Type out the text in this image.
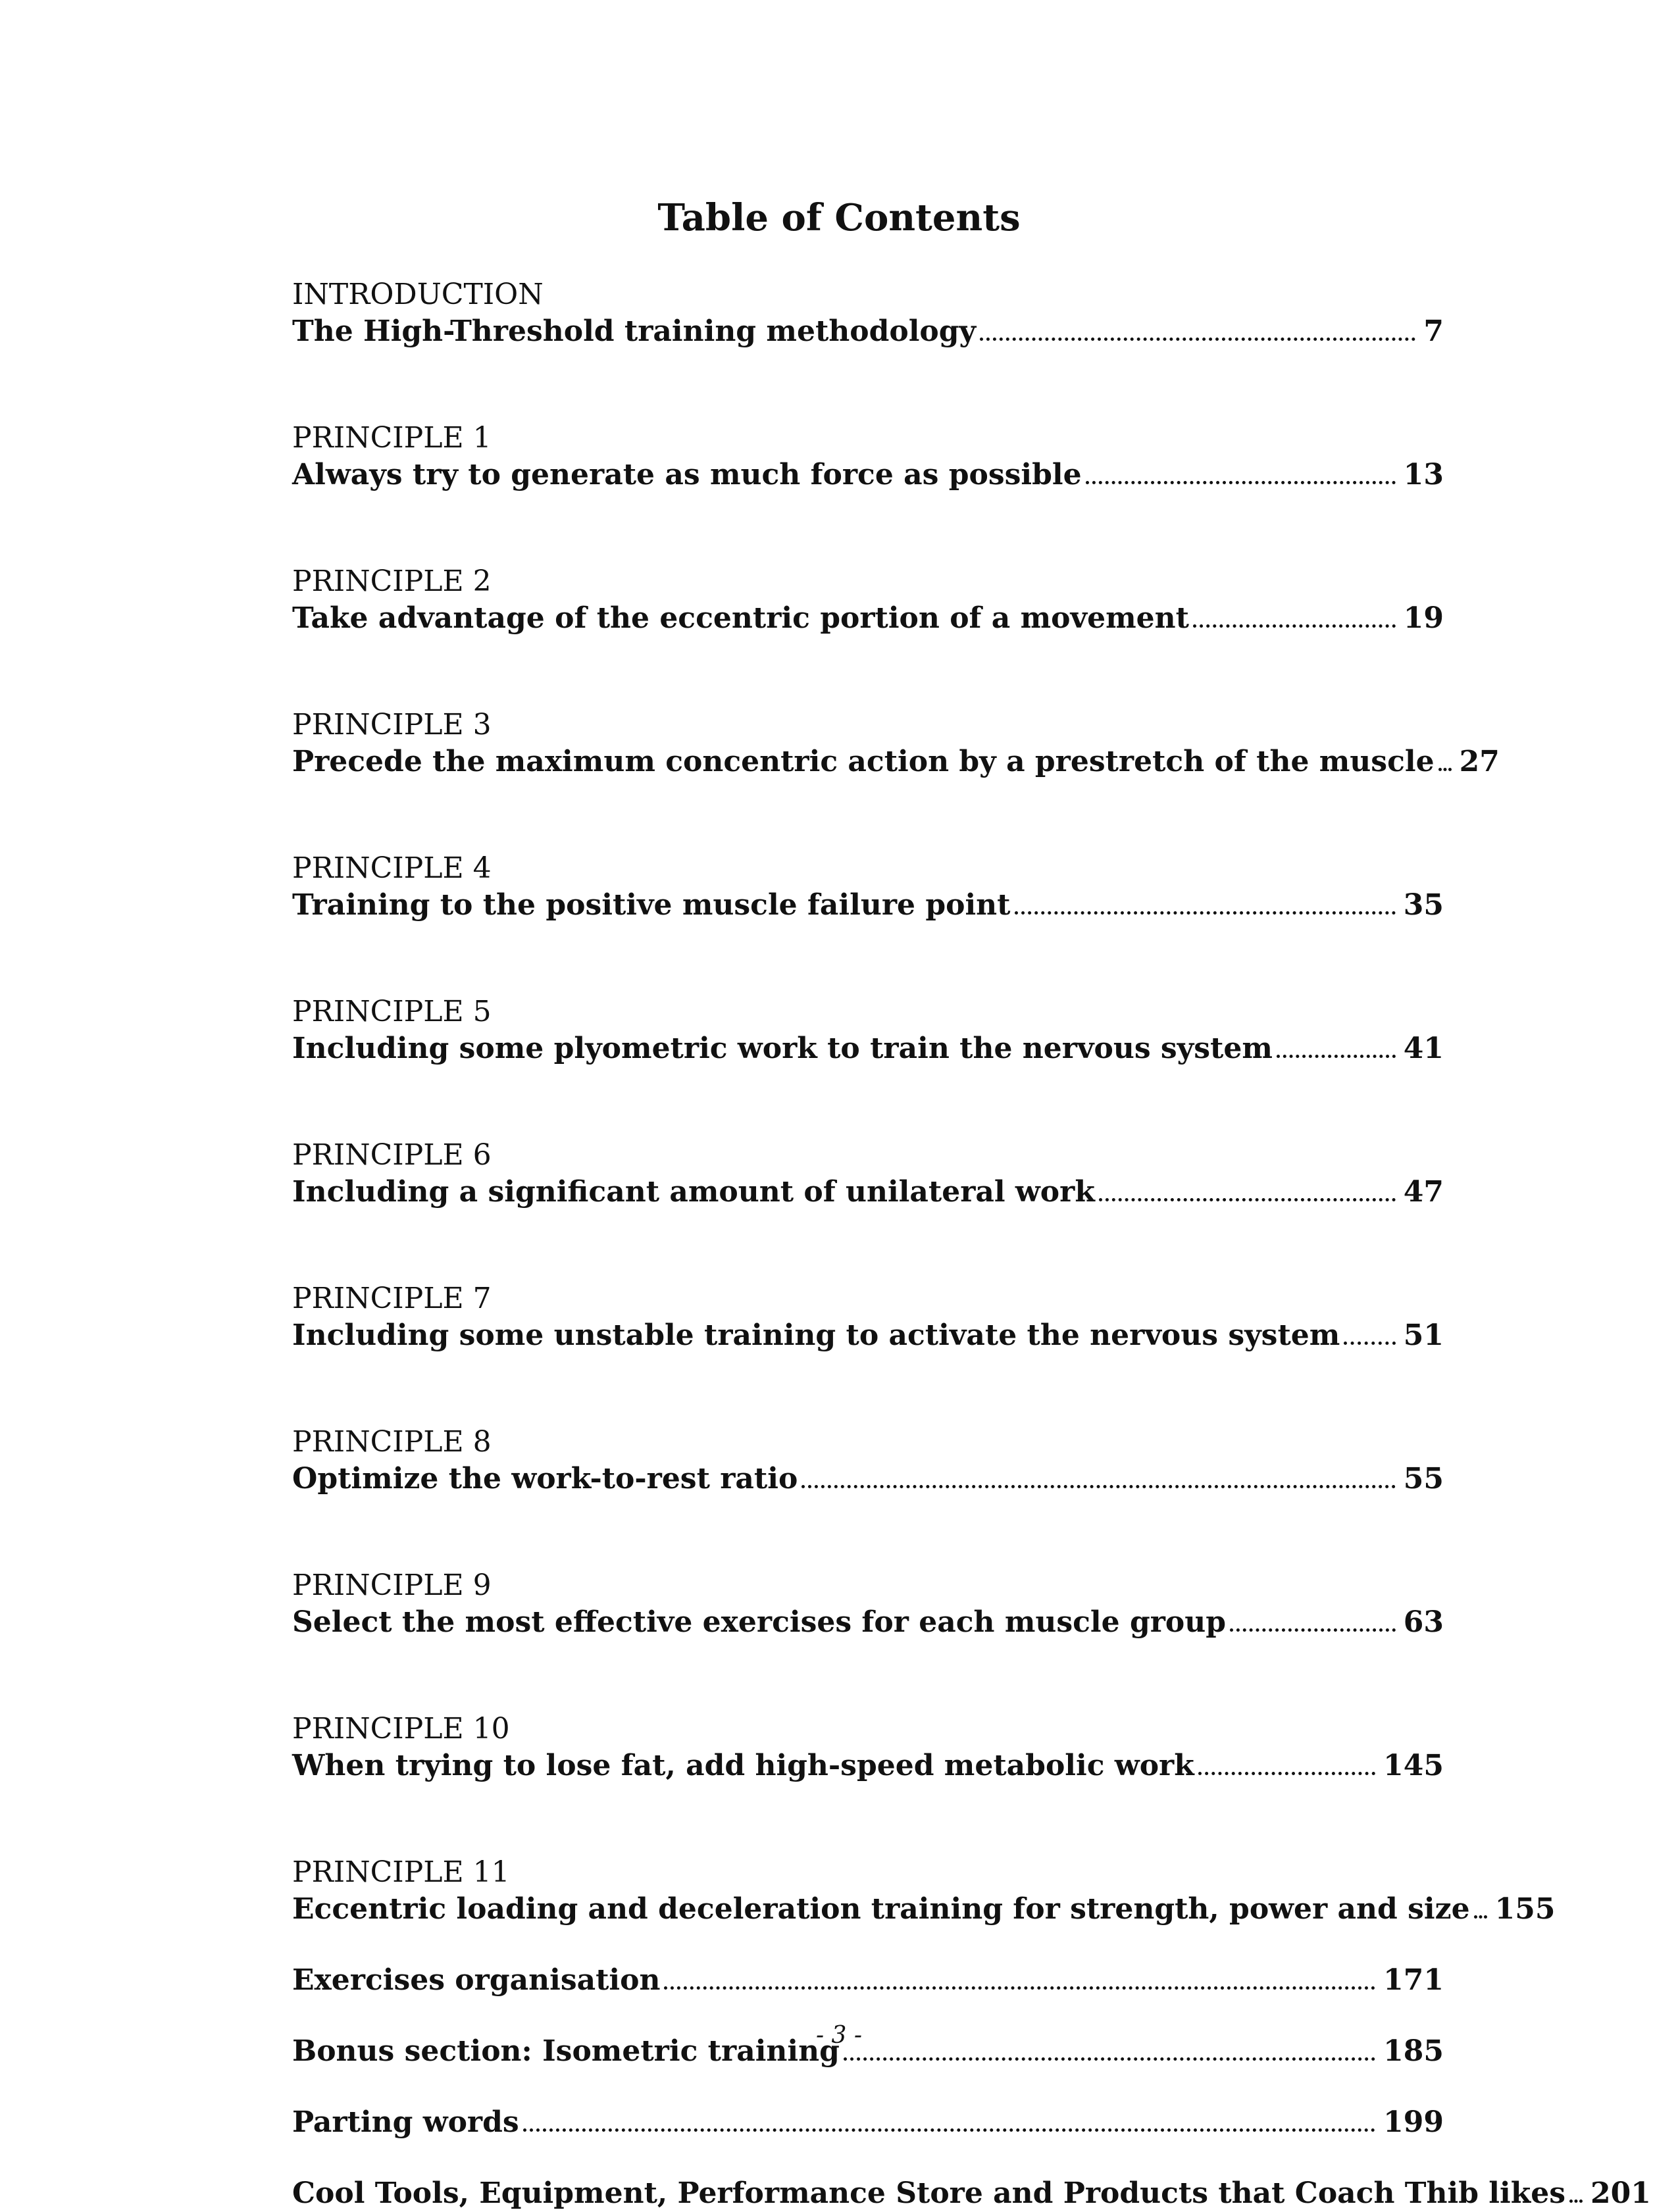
Table of Contents
INTRODUCTION
The High-Threshold training methodology	7
PRINCIPLE 1
Always try to generate as much force as possible	13
PRINCIPLE 2
Take advantage of the eccentric portion of a movement	19
PRINCIPLE 3
Precede the maximum concentric action by a prestretch of the muscle 27
PRINCIPLE 4
Training to the positive muscle failure point	35
PRINCIPLE 5
Including some plyometric work to train the nervous system	41
PRINCIPLE 6
Including a significant amount of unilateral work	47
PRINCIPLE 7
Including some unstable training to activate the nervous system 51
PRINCIPLE 8
Optimize the work-to-rest ratio	55
PRINCIPLE 9
Select the most effective exercises for each muscle group	63
PRINCIPLE 10
When trying to lose fat, add high-speed metabolic work	145
PRINCIPLE 11
Eccentric loading and deceleration training for strength, power and size 155
Exercises organisation	171
Bonus section: Isometric training	185
Parting words	199
Cool Tools, Equipment, Performance Store and Products that Coach Thib likes 201
- 3 -
